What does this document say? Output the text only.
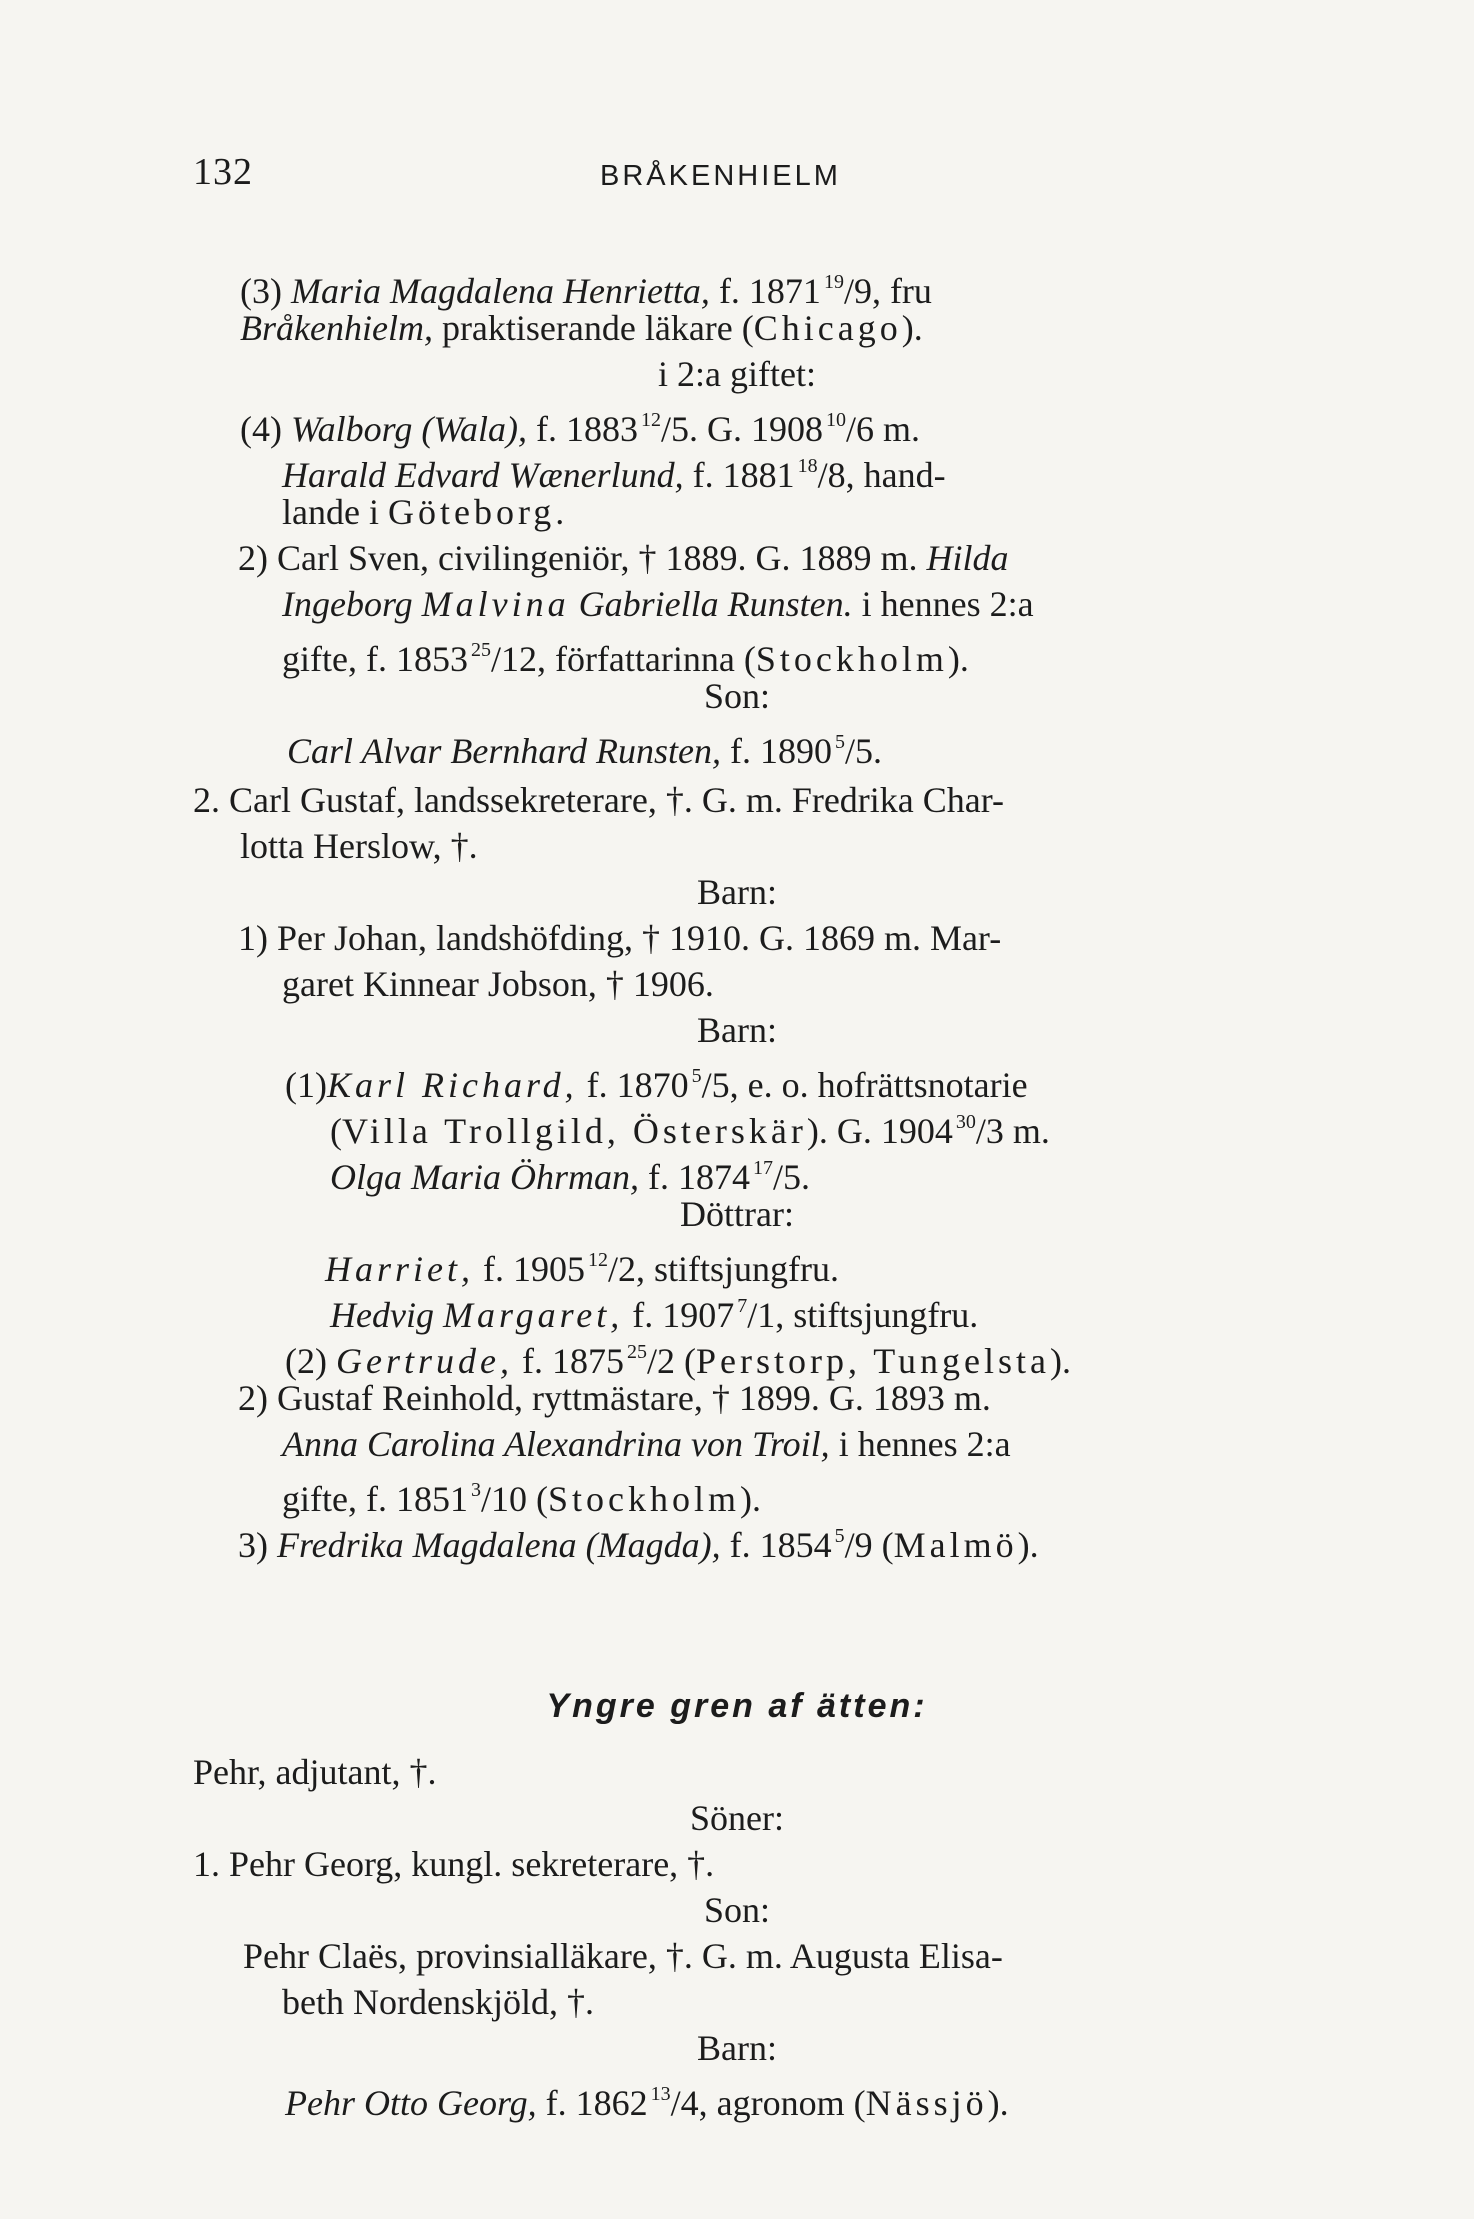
132	BRÅKENHIELM
(3) Maria Magdalena Henrietta, f. 1871 $^{19}$/9, fru
Bråkenhielm, praktiserande läkare (Chicago).
i 2:a giftet:
(4) Walborg (Wala), f. 1883 $^{12}$/5. G. 1908 $^{10}$/6 m.
Harald Edvard Wænerlund, f. 1881 $^{18}$/8, hand-
lande i Göteborg.
2) Carl Sven, civilingeniör, † 1889. G. 1889 m. Hilda
Ingeborg Malvina Gabriella Runsten. i hennes 2:a
gifte, f. 1853 $^{25}$/12, författarinna (Stockholm).
Son:
Carl Alvar Bernhard Runsten, f. 1890 $^5$/5.
2. Carl Gustaf, landssekreterare, †. G. m. Fredrika Char-
lotta Herslow, †.
Barn:
1) Per Johan, landshöfding, † 1910. G. 1869 m. Mar-
garet Kinnear Jobson, † 1906.
Barn:
(1)Karl Richard, f. 1870 $^5$/5, e. o. hofrättsnotarie
(Villa Trollgild, Österskär). G. 1904 $^{30}$/3 m.
Olga Maria Öhrman, f. 1874 $^{17}$/5.
Döttrar:
Harriet, f. 1905 $^{12}$/2, stiftsjungfru.
Hedvig Margaret, f. 1907 $^7$/1, stiftsjungfru.
(2) Gertrude, f. 1875 $^{25}$/2 (Perstorp, Tungelsta).
2) Gustaf Reinhold, ryttmästare, † 1899. G. 1893 m.
Anna Carolina Alexandrina von Troil, i hennes 2:a
gifte, f. 1851 $^3$/10 (Stockholm).
3) Fredrika Magdalena (Magda), f. 1854 $^5$/9 (Malmö).
Yngre gren af ätten:
Pehr, adjutant, †.
Söner:
1. Pehr Georg, kungl. sekreterare, †.
Son:
Pehr Claës, provinsialläkare, †. G. m. Augusta Elisa-
beth Nordenskjöld, †.
Barn:
Pehr Otto Georg, f. 1862 $^{13}$/4, agronom (Nässjö).
